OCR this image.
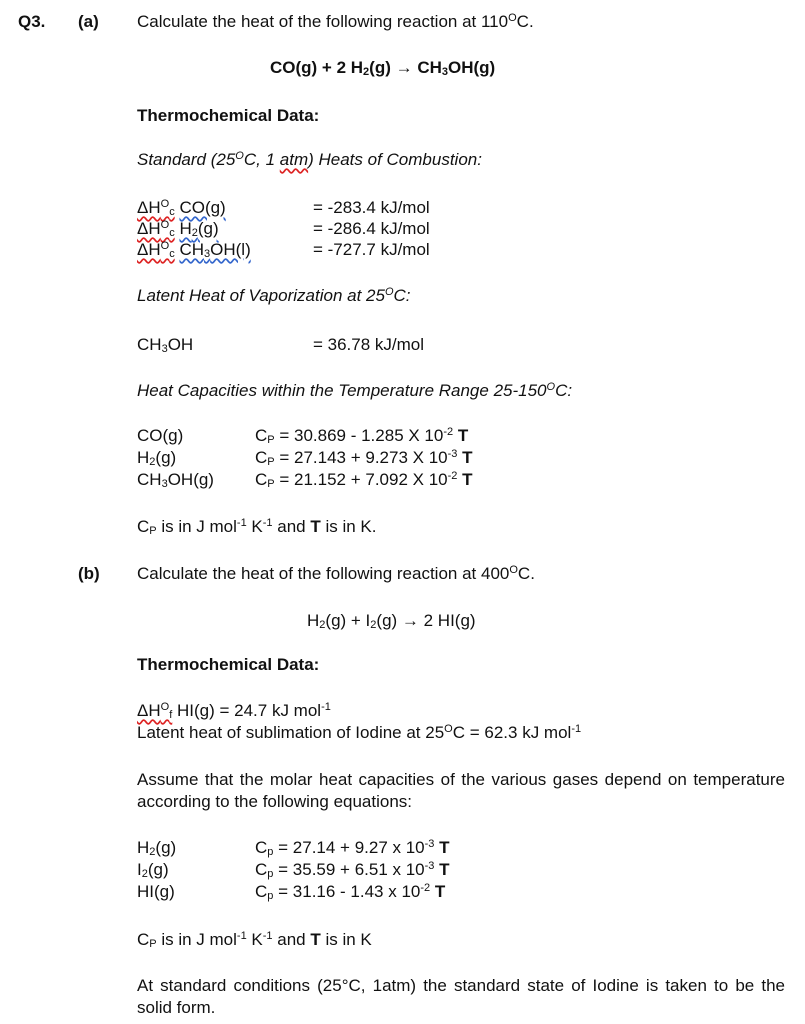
Q3. (a) Calculate the heat of the following reaction at $110^OC$.
CO(g) + 2 $H_2(g) \to CH_3OH(g)$
Thermochemical Data:
Standard ($25^OC$, 1 atm) Heats of Combustion:
$\Delta H^O_c$ CO(g)	= -283.4 kJ/mol
$\Delta H^O_c$ $H_2(g)$	= -286.4 kJ/mol
$\Delta H^O_c$ $CH_3OH(l)$	= -727.7 kJ/mol
Latent Heat of Vaporization at $25^OC$:
$CH_3OH$	= 36.78 kJ/mol
Heat Capacities within the Temperature Range $25-150^OC$:
CO(g)	$C_P = 30.869 - 1.285$ X $10^{-2}$ T
$H_2(g)$	$C_P = 27.143 + 9.273$ X $10^{-3}$ T
$CH_3OH(g) C_P = 21.152 + 7.092$ X $10^{-2}$ T
$C_P$ is in J mol$^{-1}$ $K^{-1}$ and T is in K.
(b) Calculate the heat of the following reaction at $400^OC$.
$H_2(g) + I_2(g) \to 2$ HI(g)
Thermochemical Data:
$\Delta H^O_f$ HI(g) = 24.7 kJ mol$^{-1}$
Latent heat of sublimation of Iodine at $25^OC = 62.3$ kJ mol$^{-1}$
Assume that the molar heat capacities of the various gases depend on temperature according to the following equations:
$H_2(g)$	$C_p = 27.14 + 9.27$ x $10^{-3}$ T
$I_2(g)$	$C_p = 35.59 + 6.51$ x $10^{-3}$ T
HI(g)	$C_p = 31.16 - 1.43$ x $10^{-2}$ T
$C_P$ is in J mol$^{-1}$ $K^{-1}$ and T is in K
At standard conditions (25°C, 1atm) the standard state of Iodine is taken to be the solid form.
